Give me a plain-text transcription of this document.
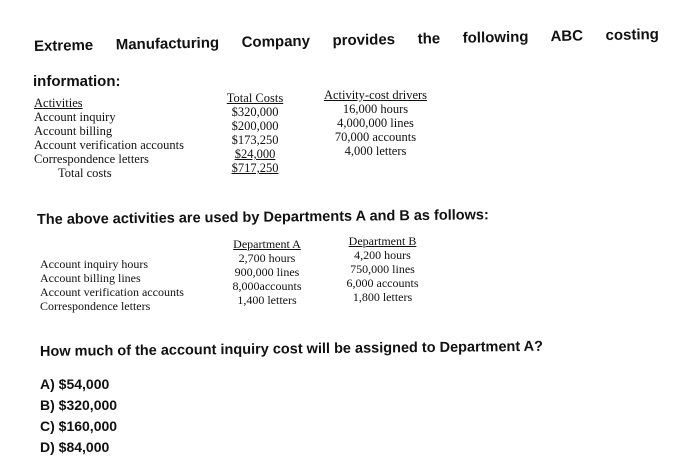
Extreme Manufacturing Company provides the following ABC costing
information:
Activities
Account inquiry
Account billing
Account verification accounts
Correspondence letters
Total costs
Total Costs
$320,000
$200,000
$173,250
$24,000
$717,250
Activity-cost drivers
16,000 hours
4,000,000 lines
70,000 accounts
4,000 letters
The above activities are used by Departments A and B as follows:
Account inquiry hours
Account billing lines
Account verification accounts
Correspondence letters
Department A
2,700 hours
900,000 lines
8,000accounts
1,400 letters
Department B
4,200 hours
750,000 lines
6,000 accounts
1,800 letters
How much of the account inquiry cost will be assigned to Department A?
A) $54,000
B) $320,000
C) $160,000
D) $84,000
